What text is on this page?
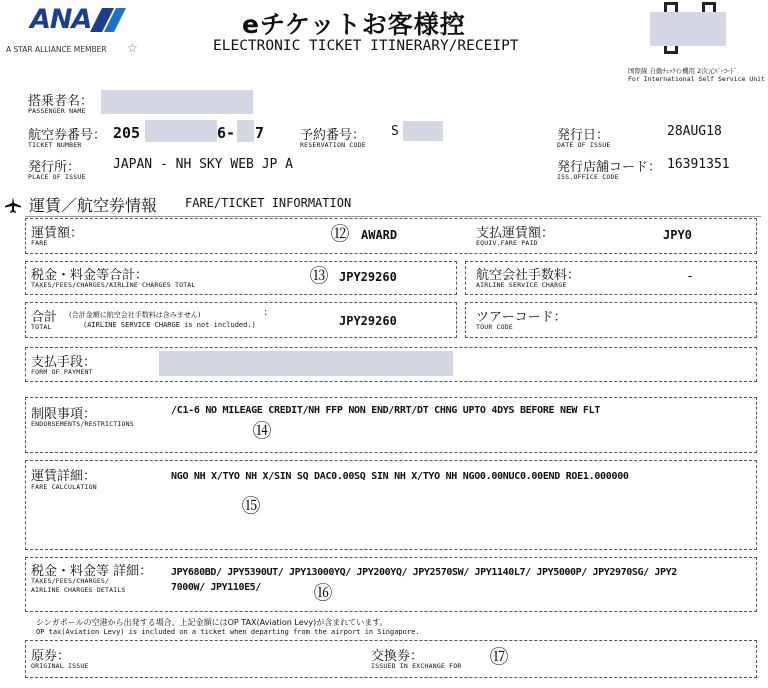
ANA
A STAR ALLIANCE MEMBER ☆
eチケットお客様控
ELECTRONIC TICKET ITINERARY/RECEIPT
国際線 自動ﾁｪｯｸｲﾝ機用 2次元ﾊﾞｰｺｰﾄﾞ
For International Self Service Unit
搭乗者名：
PASSENGER NAME
航空券番号：
TICKET NUMBER
205	6- 7	予約番号：
RESERVATION CODE
S	発行日：
DATE OF ISSUE
28AUG18
発行所：
PLACE OF ISSUE
JAPAN - NH SKY WEB JP A	発行店舗コード：
ISS.OFFICE CODE
16391351
運賃／航空券情報 FARE/TICKET INFORMATION
運賃額：
FARE	⑫ AWARD	支払運賃額：
EQUIV.FARE PAID
JPY0
税金・料金等合計：
TAXES/FEES/CHARGES/AIRLINE CHARGES TOTAL	⑬ JPY29260	航空会社手数料：
AIRLINE SERVICE CHARGE
-
合計 (合計金額に航空会社手数料は含みません)	:
TOTAL	(AIRLINE SERVICE CHARGE is not included.)	JPY29260	ツアーコード：
TOUR CODE
支払手段：
FORM OF PAYMENT
制限事項：
ENDORSEMENTS/RESTRICTIONS
/C1-6 NO MILEAGE CREDIT/NH FFP NON END/RRT/DT CHNG UPTO 4DYS BEFORE NEW FLT
⑭
運賃詳細：
FARE CALCULATION
NGO NH X/TYO NH X/SIN SQ DAC0.00SQ SIN NH X/TYO NH NGO0.00NUC0.00END ROE1.000000
⑮
税金・料金等 詳細：
TAXES/FEES/CHARGES/
AIRLINE CHARGES DETAILS
JPY680BD/ JPY5390UT/ JPY13000YQ/ JPY200YQ/ JPY2570SW/ JPY1140L7/ JPY5000P/ JPY2970SG/ JPY2
7000W/ JPY110E5/	⑯
シンガポールの空港から出発する場合、上記金額にはOP TAX(Aviation Levy)が含まれています。
OP tax(Aviation Levy) is included on a ticket when departing from the airport in Singapore.
原券：
ORIGINAL ISSUE
交換券：
ISSUED IN EXCHANGE FOR ⑰
